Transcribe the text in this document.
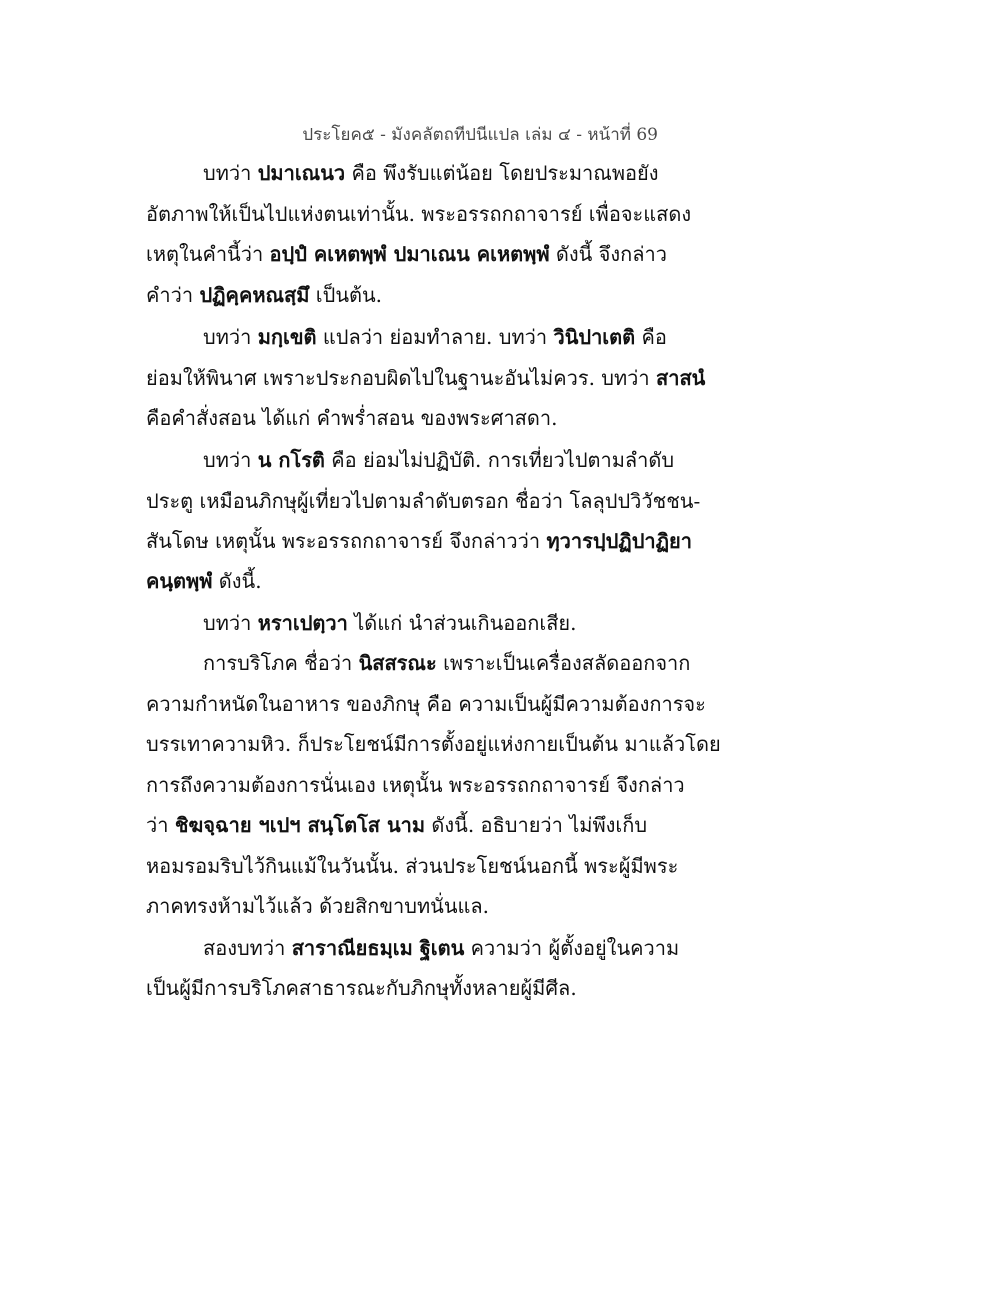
ประโยค๕ - มังคลัตถทีปนีแปล เล่ม ๔ - หน้าที่ 69
บทว่า ปมาเณนว คือ พึงรับแต่น้อย โดยประมาณพอยัง
อัตภาพให้เป็นไปแห่งตนเท่านั้น. พระอรรถกถาจารย์ เพื่อจะแสดง
เหตุในคำนี้ว่า อปฺปํ คเหตพฺพํ ปมาเณน คเหตพฺพํ ดังนี้ จึงกล่าว
คำว่า ปฏิคฺคหณสฺมึ เป็นต้น.
บทว่า มกฺเขติ แปลว่า ย่อมทำลาย. บทว่า วินิปาเตติ คือ
ย่อมให้พินาศ เพราะประกอบผิดไปในฐานะอันไม่ควร. บทว่า สาสนํ
คือคำสั่งสอน ได้แก่ คำพร่ำสอน ของพระศาสดา.
บทว่า น กโรติ คือ ย่อมไม่ปฏิบัติ. การเที่ยวไปตามลำดับ
ประตู เหมือนภิกษุผู้เที่ยวไปตามลำดับตรอก ชื่อว่า โลลุปปวิวัชชน-
สันโดษ เหตุนั้น พระอรรถกถาจารย์ จึงกล่าวว่า ทฺวารปฺปฏิปาฏิยา
คนฺตพฺพํ ดังนี้.
บทว่า หราเปตฺวา ได้แก่ นำส่วนเกินออกเสีย.
การบริโภค ชื่อว่า นิสสรณะ เพราะเป็นเครื่องสลัดออกจาก
ความกำหนัดในอาหาร ของภิกษุ คือ ความเป็นผู้มีความต้องการจะ
บรรเทาความหิว. ก็ประโยชน์มีการตั้งอยู่แห่งกายเป็นต้น มาแล้วโดย
การถึงความต้องการนั่นเอง เหตุนั้น พระอรรถกถาจารย์ จึงกล่าว
ว่า ชิฆจฺฉาย ฯเปฯ สนฺโตโส นาม ดังนี้. อธิบายว่า ไม่พึงเก็บ
หอมรอมริบไว้กินแม้ในวันนั้น. ส่วนประโยชน์นอกนี้ พระผู้มีพระ
ภาคทรงห้ามไว้แล้ว ด้วยสิกขาบทนั่นแล.
สองบทว่า สาราณียธมฺเม ฐิเตน ความว่า ผู้ตั้งอยู่ในความ
เป็นผู้มีการบริโภคสาธารณะกับภิกษุทั้งหลายผู้มีศีล.
